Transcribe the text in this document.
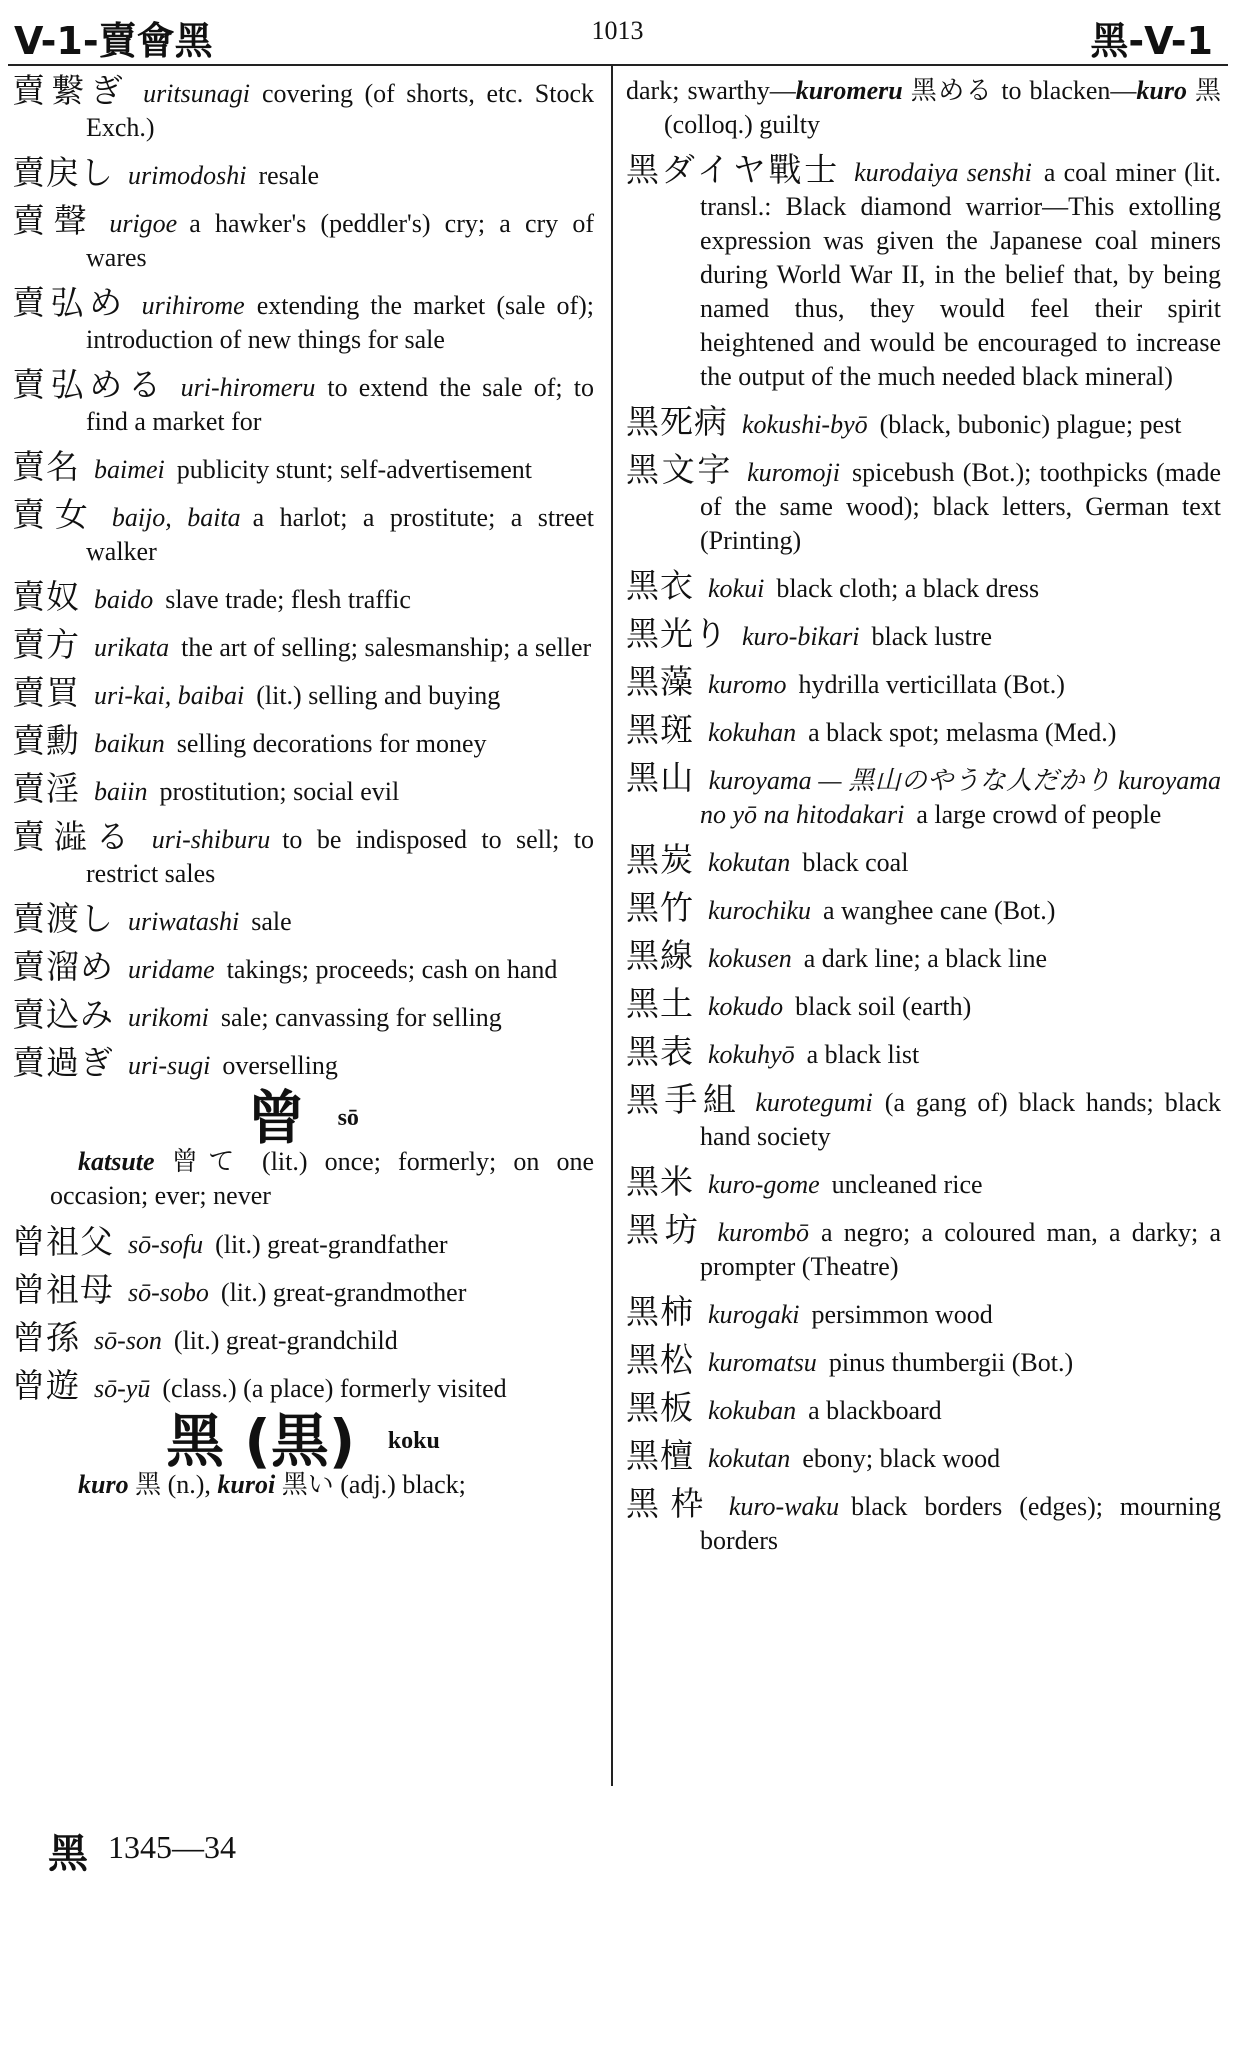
V-1-賣會黑	1013	黑-V-1
賣繋ぎ uritsunagi covering (of shorts, etc. Stock Exch.)
賣戻し urimodoshi resale
賣聲 urigoe a hawker's (peddler's) cry; a cry of wares
賣弘め urihirome extending the market (sale of); introduction of new things for sale
賣弘める uri-hiromeru to extend the sale of; to find a market for
賣名 baimei publicity stunt; self-advertisement
賣女 baijo, baita a harlot; a prostitute; a street walker
賣奴 baido slave trade; flesh traffic
賣方 urikata the art of selling; salesmanship; a seller
賣買 uri-kai, baibai (lit.) selling and buying
賣勳 baikun selling decorations for money
賣淫 baiin prostitution; social evil
賣澁る uri-shiburu to be indisposed to sell; to restrict sales
賣渡し uriwatashi sale
賣溜め uridame takings; proceeds; cash on hand
賣込み urikomi sale; canvassing for selling
賣過ぎ uri-sugi overselling
曾 sō
katsute 曾て (lit.) once; formerly; on one occasion; ever; never
曾祖父 sō-sofu (lit.) great-grandfather
曾祖母 sō-sobo (lit.) great-grandmother
曾孫 sō-son (lit.) great-grandchild
曾遊 sō-yū (class.) (a place) formerly visited
黑 (黒) koku
kuro 黑 (n.), kuroi 黑い (adj.) black;
dark; swarthy—kuromeru 黑める to blacken—kuro 黑 (colloq.) guilty
黑ダイヤ戰士 kurodaiya senshi a coal miner (lit. transl.: Black diamond warrior—This extolling expression was given the Japanese coal miners during World War II, in the belief that, by being named thus, they would feel their spirit heightened and would be encouraged to increase the output of the much needed black mineral)
黑死病 kokushi-byō (black, bubonic) plague; pest
黑文字 kuromoji spicebush (Bot.); toothpicks (made of the same wood); black letters, German text (Printing)
黑衣 kokui black cloth; a black dress
黑光り kuro-bikari black lustre
黑藻 kuromo hydrilla verticillata (Bot.)
黑斑 kokuhan a black spot; melasma (Med.)
黑山 kuroyama — 黑山のやうな人だかり kuroyama no yō na hitodakari a large crowd of people
黑炭 kokutan black coal
黑竹 kurochiku a wanghee cane (Bot.)
黑線 kokusen a dark line; a black line
黑土 kokudo black soil (earth)
黑表 kokuhyō a black list
黑手組 kurotegumi (a gang of) black hands; black hand society
黑米 kuro-gome uncleaned rice
黑坊 kurombō a negro; a coloured man, a darky; a prompter (Theatre)
黑柿 kurogaki persimmon wood
黑松 kuromatsu pinus thumbergii (Bot.)
黑板 kokuban a blackboard
黑檀 kokutan ebony; black wood
黑枠 kuro-waku black borders (edges); mourning borders
黑 1345—34
